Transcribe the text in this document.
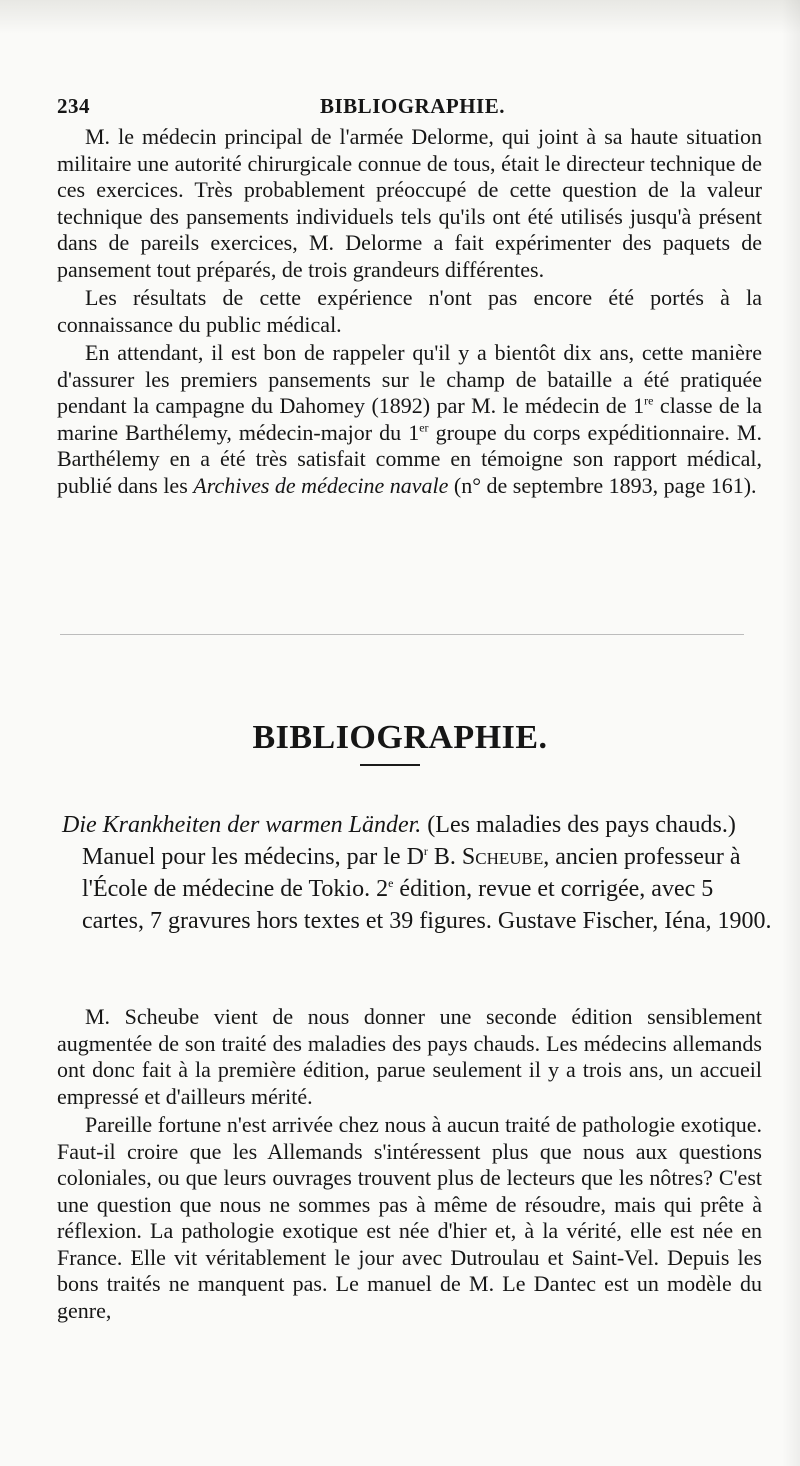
234	BIBLIOGRAPHIE.

M. le médecin principal de l'armée Delorme, qui joint à sa haute situation militaire une autorité chirurgicale connue de tous, était le directeur technique de ces exercices. Très probablement préoccupé de cette question de la valeur technique des pansements individuels tels qu'ils ont été utilisés jusqu'à présent dans de pareils exercices, M. Delorme a fait expérimenter des paquets de pansement tout préparés, de trois grandeurs différentes.

Les résultats de cette expérience n'ont pas encore été portés à la connaissance du public médical.

En attendant, il est bon de rappeler qu'il y a bientôt dix ans, cette manière d'assurer les premiers pansements sur le champ de bataille a été pratiquée pendant la campagne du Dahomey (1892) par M. le médecin de 1re classe de la marine Barthélemy, médecin-major du 1er groupe du corps expéditionnaire. M. Barthélemy en a été très satisfait comme en témoigne son rapport médical, publié dans les Archives de médecine navale (n° de septembre 1893, page 161).

BIBLIOGRAPHIE.
Die Krankheiten der warmen Länder. (Les maladies des pays chauds.) Manuel pour les médecins, par le $D^r$ B. Scheube, ancien professeur à l'École de médecine de Tokio. 2e édition, revue et corrigée, avec 5 cartes, 7 gravures hors textes et 39 figures. Gustave Fischer, Iéna, 1900.

M. Scheube vient de nous donner une seconde édition sensiblement augmentée de son traité des maladies des pays chauds. Les médecins allemands ont donc fait à la première édition, parue seulement il y a trois ans, un accueil empressé et d'ailleurs mérité.

Pareille fortune n'est arrivée chez nous à aucun traité de pathologie exotique. Faut-il croire que les Allemands s'intéressent plus que nous aux questions coloniales, ou que leurs ouvrages trouvent plus de lecteurs que les nôtres? C'est une question que nous ne sommes pas à même de résoudre, mais qui prête à réflexion. La pathologie exotique est née d'hier et, à la vérité, elle est née en France. Elle vit véritablement le jour avec Dutroulau et Saint-Vel. Depuis les bons traités ne manquent pas. Le manuel de M. Le Dantec est un modèle du genre,
